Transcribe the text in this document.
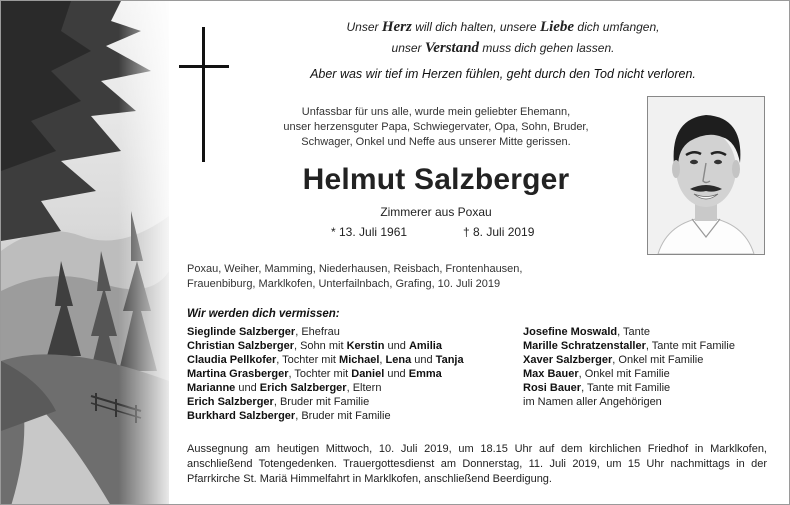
Unser Herz will dich halten, unsere Liebe dich umfangen,
unser Verstand muss dich gehen lassen.
Aber was wir tief im Herzen fühlen, geht durch den Tod nicht verloren.
Unfassbar für uns alle, wurde mein geliebter Ehemann,
unser herzensguter Papa, Schwiegervater, Opa, Sohn, Bruder,
Schwager, Onkel und Neffe aus unserer Mitte gerissen.
Helmut Salzberger
Zimmerer aus Poxau
* 13. Juli 1961	† 8. Juli 2019
Poxau, Weiher, Mamming, Niederhausen, Reisbach, Frontenhausen,
Frauenbiburg, Marklkofen, Unterfailnbach, Grafing, 10. Juli 2019
Wir werden dich vermissen:
Sieglinde Salzberger, Ehefrau
Christian Salzberger, Sohn mit Kerstin und Amilia
Claudia Pellkofer, Tochter mit Michael, Lena und Tanja
Martina Grasberger, Tochter mit Daniel und Emma
Marianne und Erich Salzberger, Eltern
Erich Salzberger, Bruder mit Familie
Burkhard Salzberger, Bruder mit Familie
Josefine Moswald, Tante
Marille Schratzenstaller, Tante mit Familie
Xaver Salzberger, Onkel mit Familie
Max Bauer, Onkel mit Familie
Rosi Bauer, Tante mit Familie
im Namen aller Angehörigen
Aussegnung am heutigen Mittwoch, 10. Juli 2019, um 18.15 Uhr auf dem kirchlichen Friedhof in Marklkofen, anschließend Totengedenken. Trauergottesdienst am Donnerstag, 11. Juli 2019, um 15 Uhr nachmittags in der Pfarrkirche St. Mariä Himmelfahrt in Marklkofen, anschließend Beerdigung.
